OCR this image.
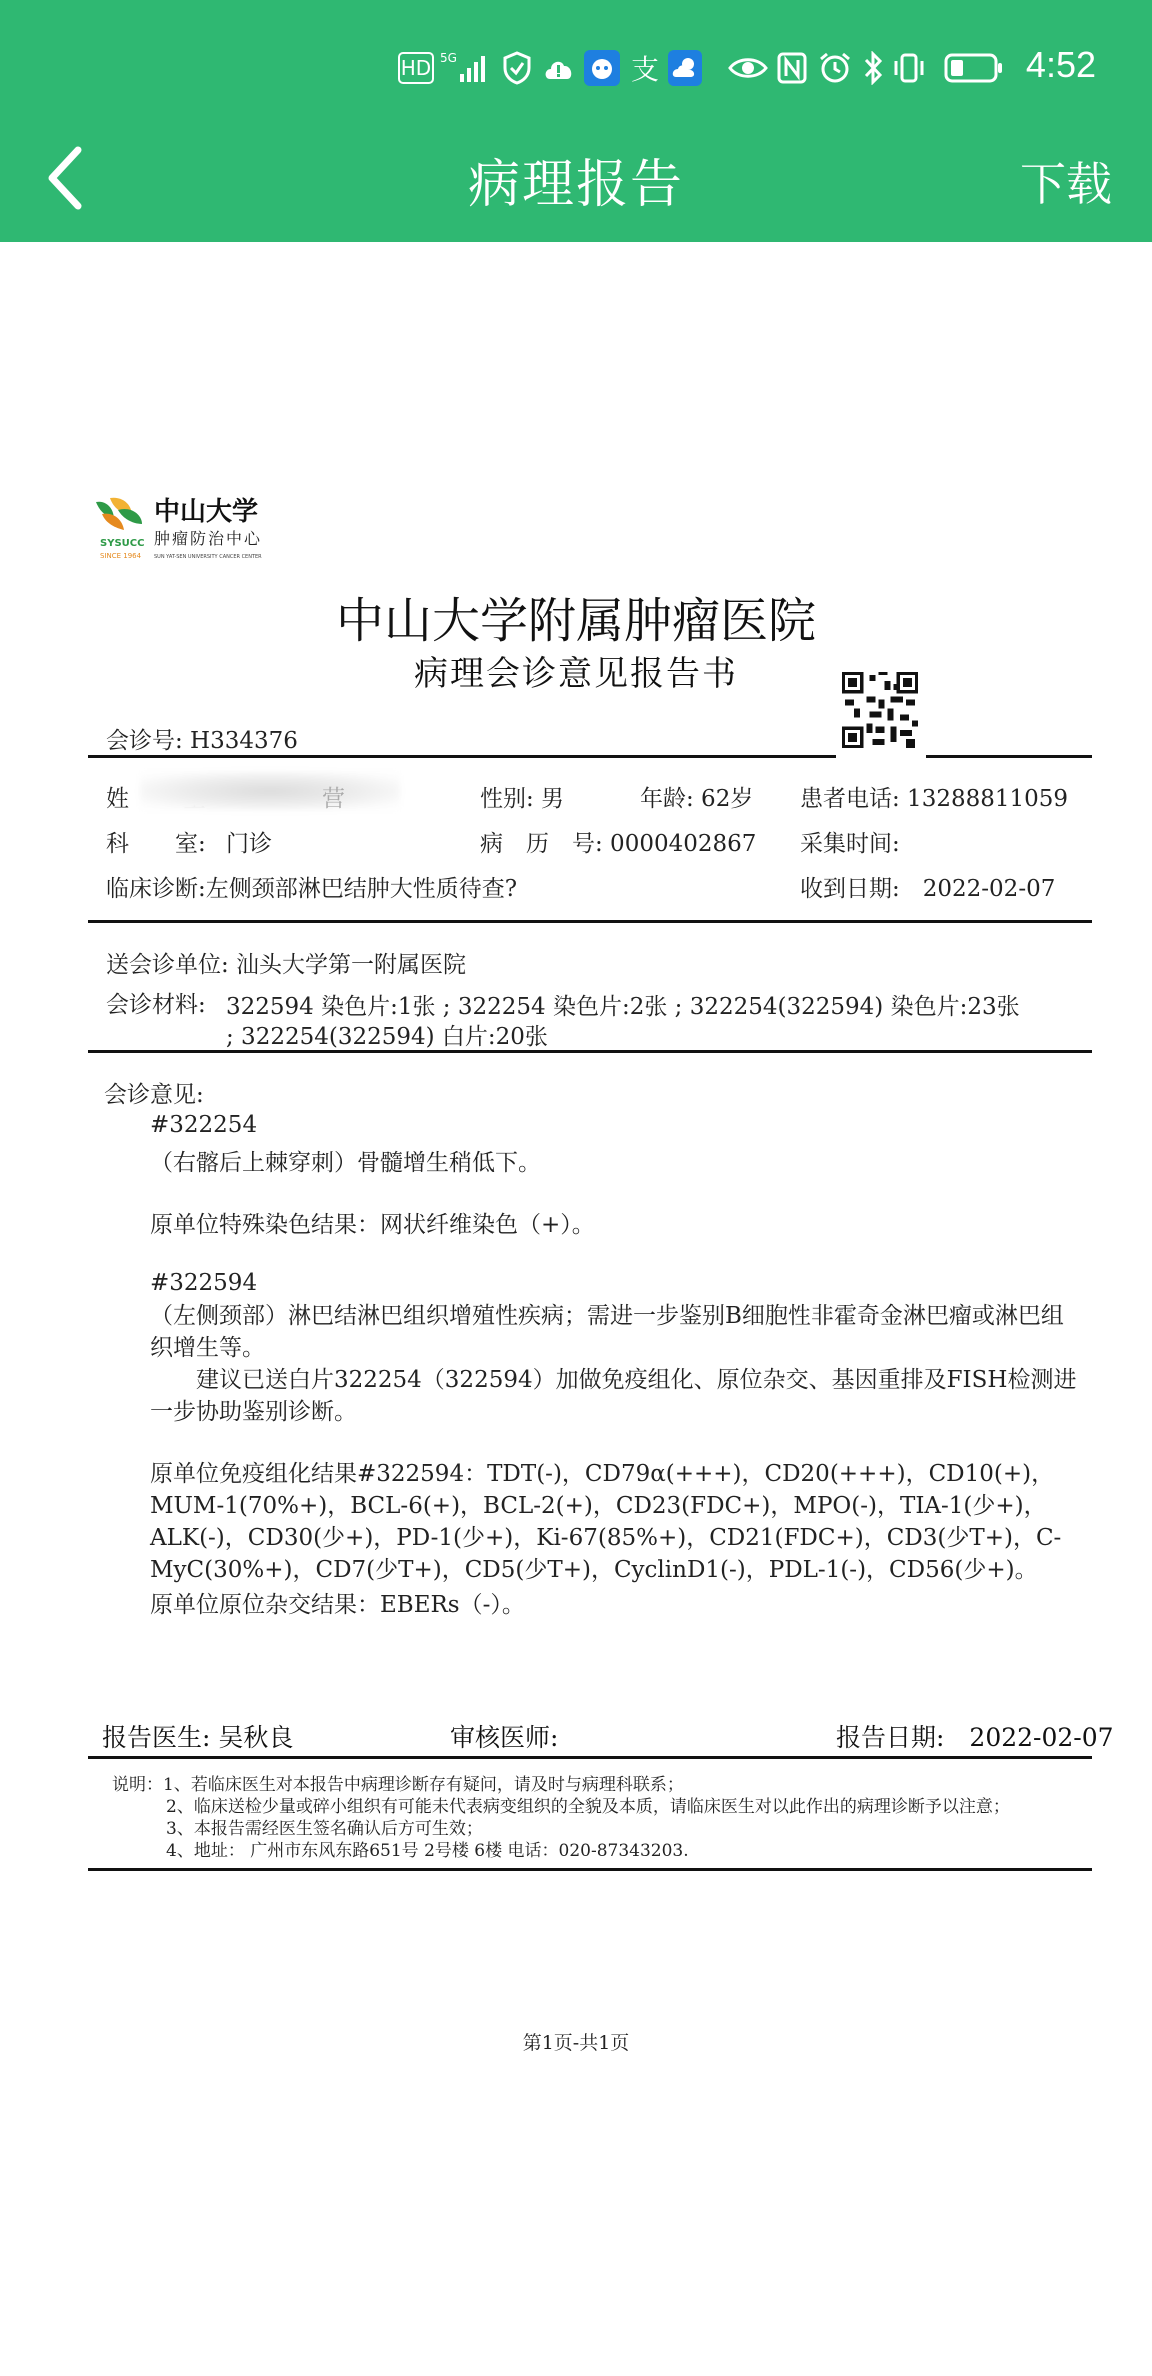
HD 5G	支	4:52
病理报告	下载
SYSUCC
SINCE 1964
中山大学
肿瘤防治中心
SUN YAT-SEN UNIVERSITY CANCER CENTER
中山大学附属肿瘤医院
病理会诊意见报告书
会诊号: H334376
姓	营	性别: 男	年龄: 62岁 患者电话: 13288811059
科　　室: 门诊	病　历　号: 0000402867 采集时间:
临床诊断:左侧颈部淋巴结肿大性质待查?	收到日期:　2022-02-07
送会诊单位: 汕头大学第一附属医院
会诊材料: 322594 染色片:1张 ; 322254 染色片:2张 ; 322254(322594) 染色片:23张
; 322254(322594) 白片:20张
会诊意见:
#322254
（右髂后上棘穿刺）骨髓增生稍低下。
原单位特殊染色结果：网状纤维染色（+）。
#322594
（左侧颈部）淋巴结淋巴组织增殖性疾病；需进一步鉴别B细胞性非霍奇金淋巴瘤或淋巴组织增生等。
　　建议已送白片322254（322594）加做免疫组化、原位杂交、基因重排及FISH检测进一步协助鉴别诊断。
原单位免疫组化结果#322594：TDT(-)，CD79α(+++)，CD20(+++)，CD10(+)，MUM-1(70%+)，BCL-6(+)，BCL-2(+)，CD23(FDC+)，MPO(-)，TIA-1(少+)，ALK(-)，CD30(少+)，PD-1(少+)，Ki-67(85%+)，CD21(FDC+)，CD3(少T+)，C-MyC(30%+)，CD7(少T+)，CD5(少T+)，CyclinD1(-)，PDL-1(-)，CD56(少+)。
原单位原位杂交结果：EBERs（-）。
报告医生: 吴秋良	审核医师:	报告日期:　2022-02-07
说明：1、若临床医生对本报告中病理诊断存有疑问，请及时与病理科联系；
2、临床送检少量或碎小组织有可能未代表病变组织的全貌及本质，请临床医生对以此作出的病理诊断予以注意；
3、本报告需经医生签名确认后方可生效；
4、地址： 广州市东风东路651号 2号楼 6楼 电话：020-87343203.
第1页-共1页
